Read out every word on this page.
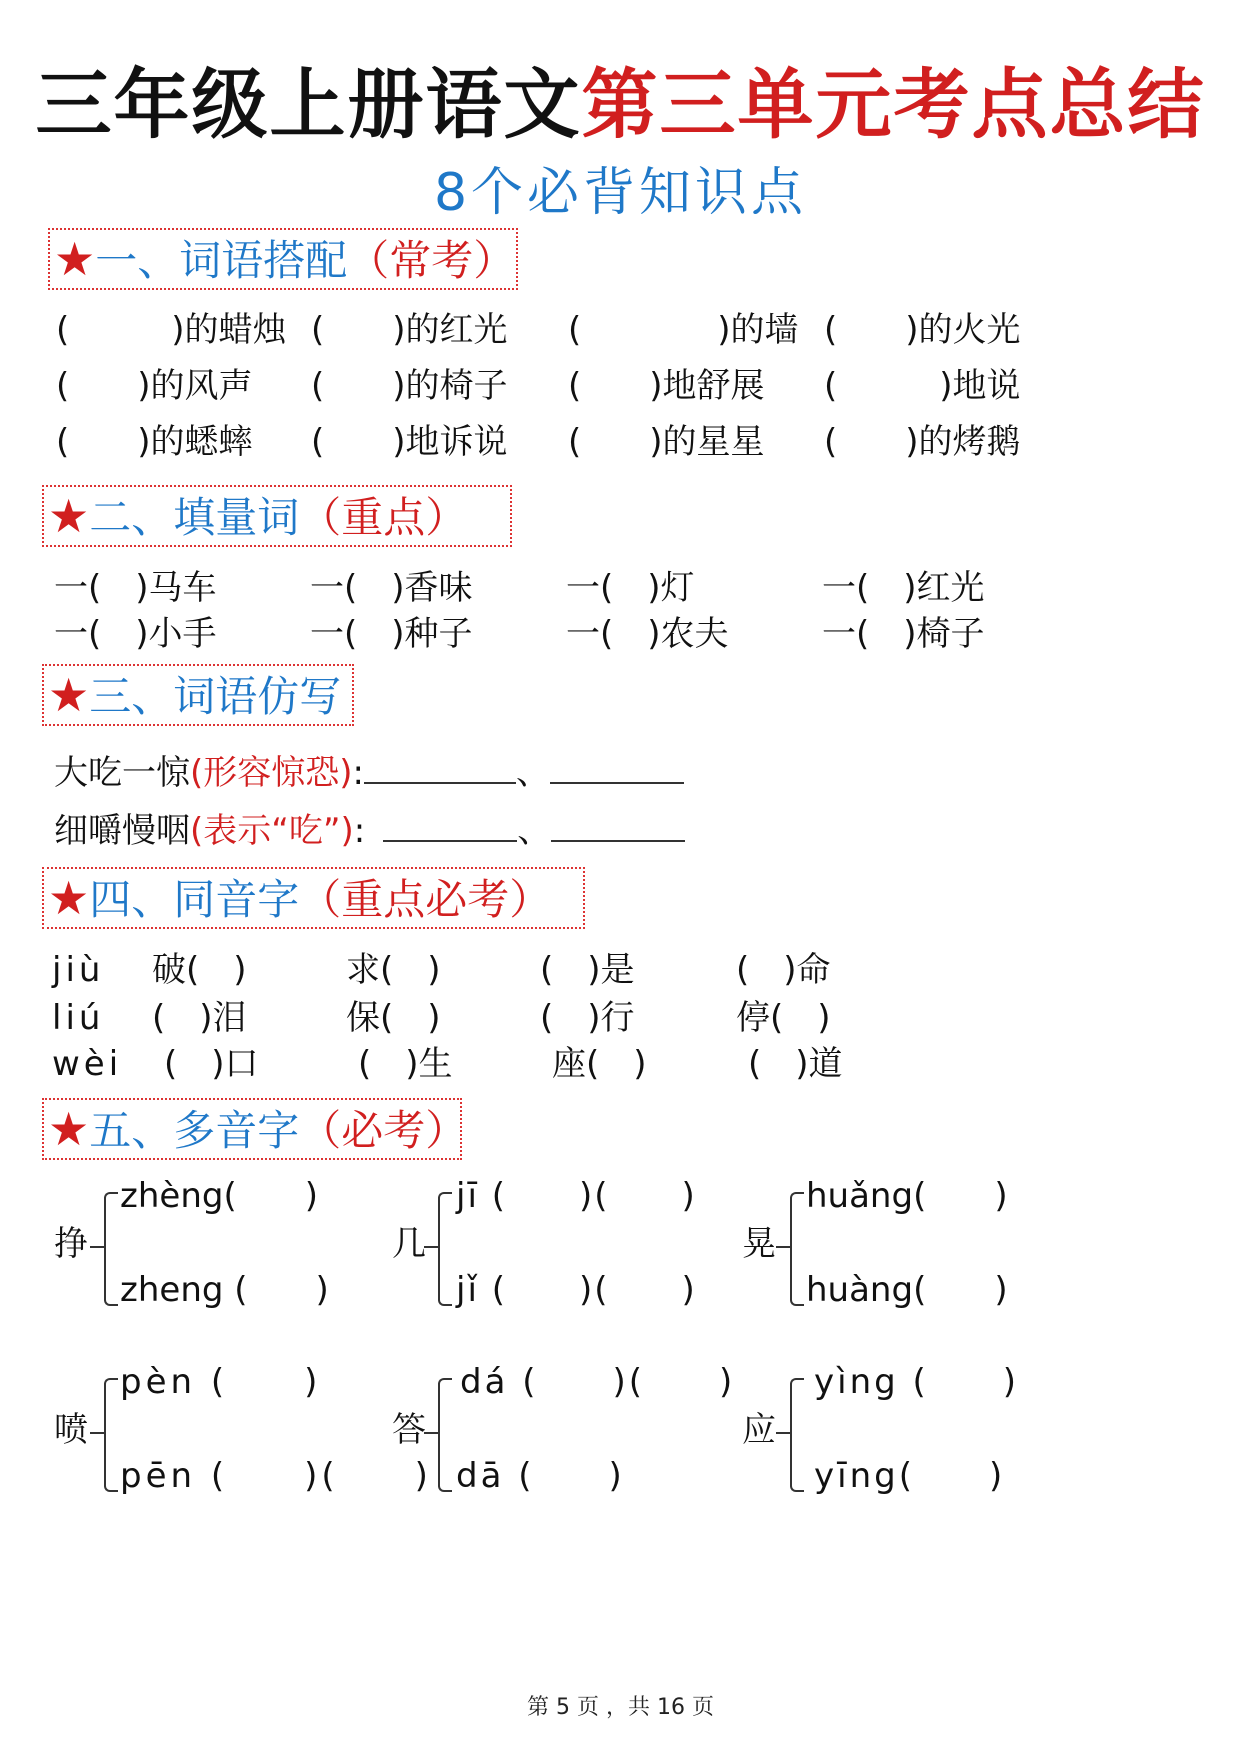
三年级上册语文第三单元考点总结
8个必背知识点
★一、词语搭配（常考）
(　　　)的蜡烛 (　　)的红光 (　　　　)的墙 (　　)的火光
(　　)的风声 (　　)的椅子 (　　)地舒展 (　　　)地说
(　　)的蟋蟀 (　　)地诉说 (　　)的星星 (　　)的烤鹅
★二、填量词（重点）
一(　)马车	一(　)香味	一(　)灯	一(　)红光
一(　)小手	一(　)种子	一(　)农夫	一(　)椅子
★三、词语仿写
大吃一惊(形容惊恐):	、
细嚼慢咽(表示“吃”):	、
★四、同音字（重点必考）
jiù 破(　)	求(　)	(　)是	(　)命
liú (　)泪	保(　)	(　)行	停(　)
wèi (　)口	(　)生	座(　)	(　)道
★五、多音字（必考）
挣
zhèng(　　)
zheng (　　)
几
jī (　　)(　　)
jǐ (　　)(　　)
晃
huǎng(　　)
huàng(　　)
喷
pèn (　　)
pēn (　　)(　　)
答
dá (　　)(　　)
dā (　　)
应
yìng (　　)
yīng(　　)
第 5 页 ，共 16 页
